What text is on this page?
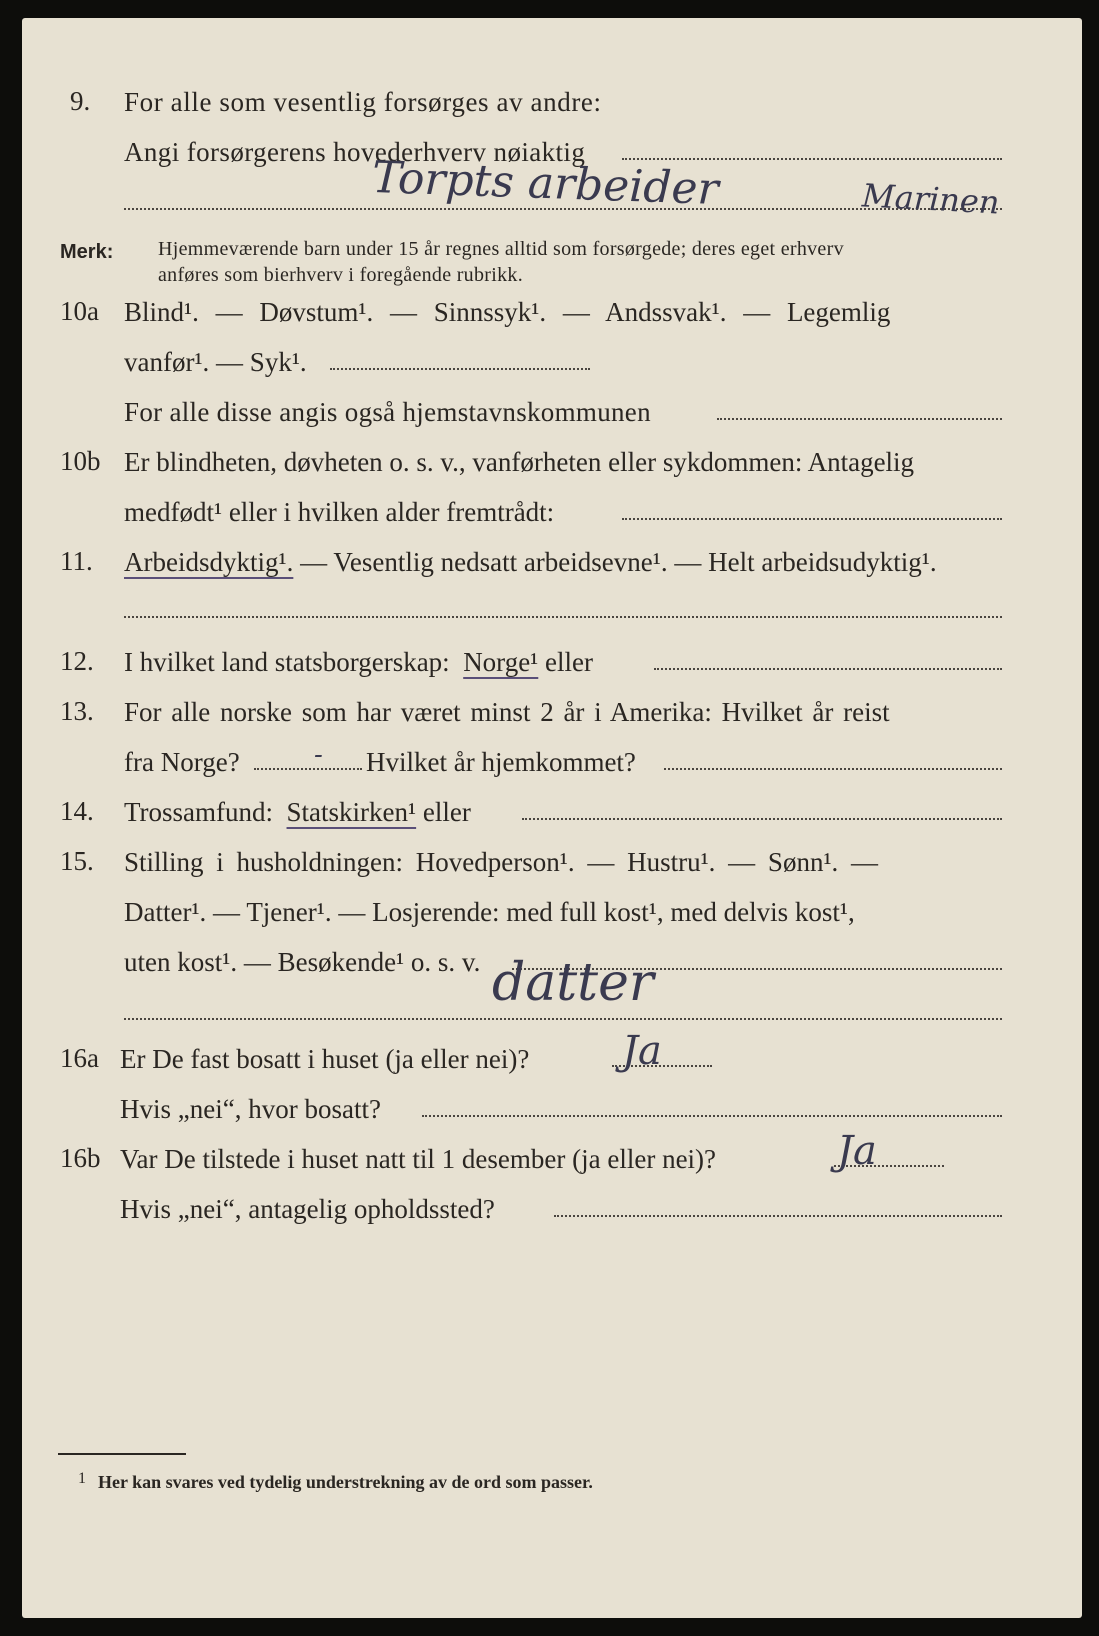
9. For alle som vesentlig forsørges av andre:
Angi forsørgerens hovederhverv nøiaktig
Torpts arbeider	Marinen
Merk: Hjemmeværende barn under 15 år regnes alltid som forsørgede; deres eget erhverv
anføres som bierhverv i foregående rubrikk.
10a Blind¹. — Døvstum¹. — Sinnssyk¹. — Andssvak¹. — Legemlig
vanfør¹. — Syk¹.
For alle disse angis også hjemstavnskommunen
10b Er blindheten, døvheten o. s. v., vanførheten eller sykdommen: Antagelig
medfødt¹ eller i hvilken alder fremtrådt:
11. Arbeidsdyktig¹. — Vesentlig nedsatt arbeidsevne¹. — Helt arbeidsudyktig¹.
12. I hvilket land statsborgerskap: Norge¹ eller
13. For alle norske som har været minst 2 år i Amerika: Hvilket år reist
fra Norge?	- Hvilket år hjemkommet?
14. Trossamfund: Statskirken¹ eller
15. Stilling i husholdningen: Hovedperson¹. — Hustru¹. — Sønn¹. —
Datter¹. — Tjener¹. — Losjerende: med full kost¹, med delvis kost¹,
uten kost¹. — Besøkende¹ o. s. v. datter
16a Er De fast bosatt i huset (ja eller nei)? Ja
Hvis „nei“, hvor bosatt?
16b Var De tilstede i huset natt til 1 desember (ja eller nei)?	Ja
Hvis „nei“, antagelig opholdssted?
1 Her kan svares ved tydelig understrekning av de ord som passer.
